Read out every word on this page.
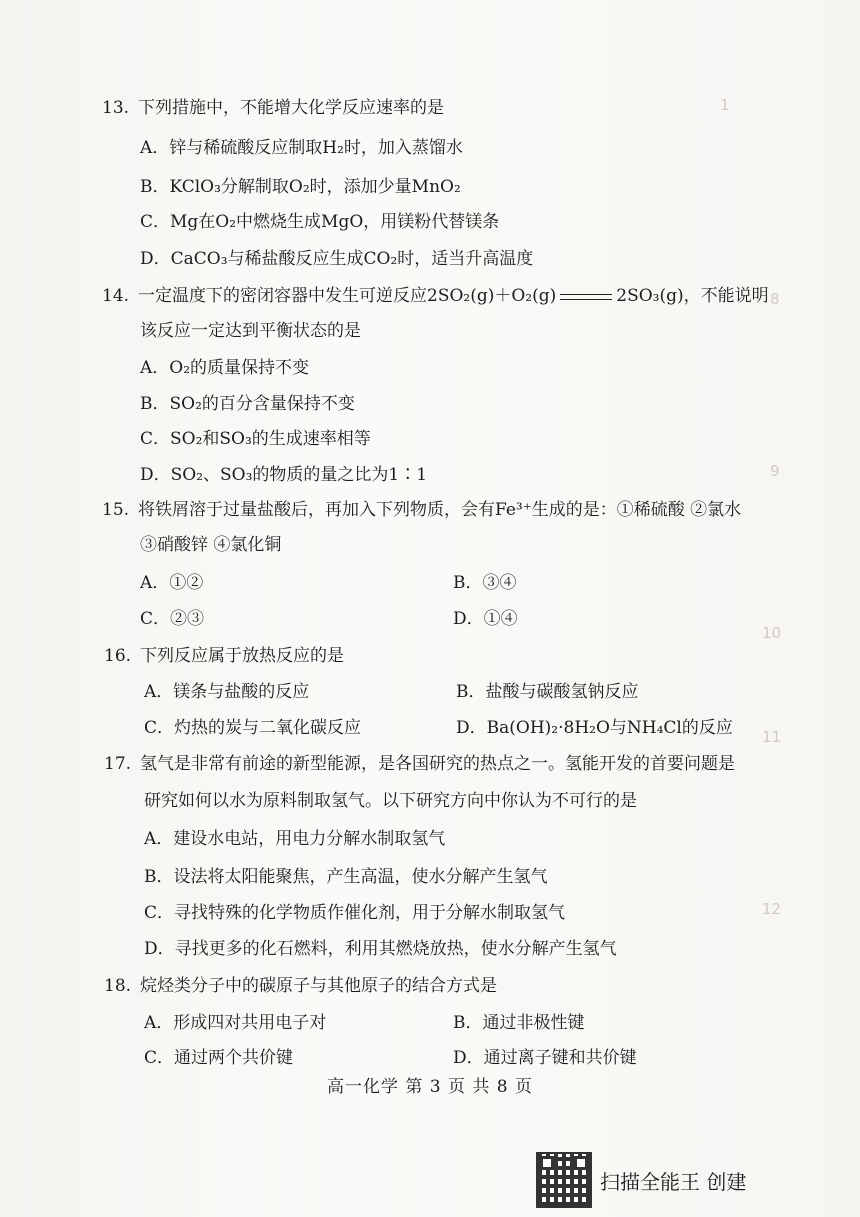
1
8
9
10
11
12
13. 下列措施中，不能增大化学反应速率的是
A．锌与稀硫酸反应制取H₂时，加入蒸馏水
B．KClO₃分解制取O₂时，添加少量MnO₂
C．Mg在O₂中燃烧生成MgO，用镁粉代替镁条
D．CaCO₃与稀盐酸反应生成CO₂时，适当升高温度
14. 一定温度下的密闭容器中发生可逆反应2SO₂(g)＋O₂(g)	2SO₃(g)，不能说明
该反应一定达到平衡状态的是
A．O₂的质量保持不变
B．SO₂的百分含量保持不变
C．SO₂和SO₃的生成速率相等
D．SO₂、SO₃的物质的量之比为1∶1
15. 将铁屑溶于过量盐酸后，再加入下列物质，会有Fe³⁺生成的是：①稀硫酸 ②氯水
③硝酸锌 ④氯化铜
A．①②	B．③④
C．②③	D．①④
16. 下列反应属于放热反应的是
A．镁条与盐酸的反应	B．盐酸与碳酸氢钠反应
C．灼热的炭与二氧化碳反应	D．Ba(OH)₂·8H₂O与NH₄Cl的反应
17. 氢气是非常有前途的新型能源，是各国研究的热点之一。氢能开发的首要问题是
研究如何以水为原料制取氢气。以下研究方向中你认为不可行的是
A．建设水电站，用电力分解水制取氢气
B．设法将太阳能聚焦，产生高温，使水分解产生氢气
C．寻找特殊的化学物质作催化剂，用于分解水制取氢气
D．寻找更多的化石燃料，利用其燃烧放热，使水分解产生氢气
18. 烷烃类分子中的碳原子与其他原子的结合方式是
A．形成四对共用电子对	B．通过非极性键
C．通过两个共价键	D．通过离子键和共价键
高一化学 第 3 页 共 8 页
扫描全能王 创建
